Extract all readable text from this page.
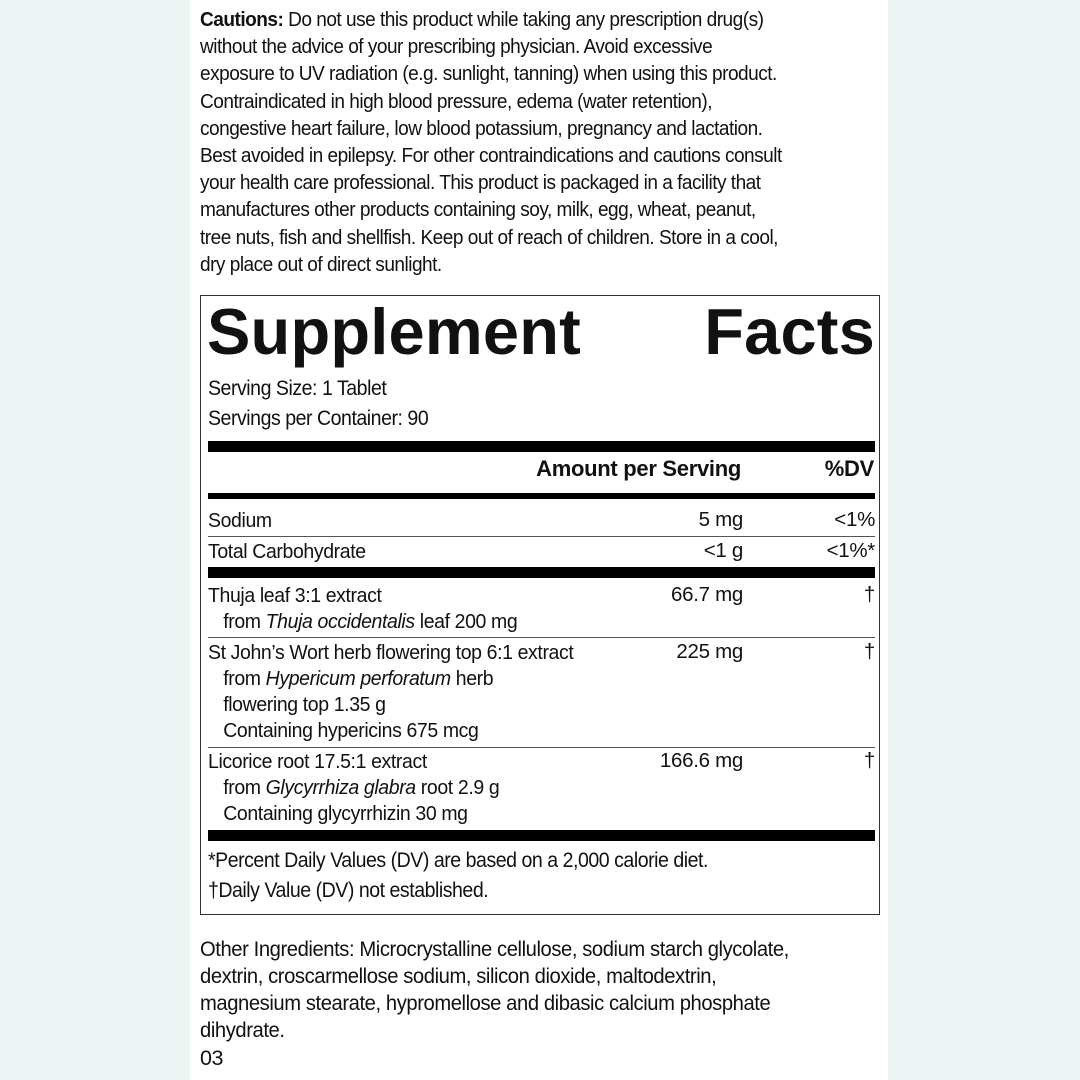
Cautions: Do not use this product while taking any prescription drug(s)
without the advice of your prescribing physician. Avoid excessive
exposure to UV radiation (e.g. sunlight, tanning) when using this product.
Contraindicated in high blood pressure, edema (water retention),
congestive heart failure, low blood potassium, pregnancy and lactation.
Best avoided in epilepsy. For other contraindications and cautions consult
your health care professional. This product is packaged in a facility that
manufactures other products containing soy, milk, egg, wheat, peanut,
tree nuts, fish and shellfish. Keep out of reach of children. Store in a cool,
dry place out of direct sunlight.
Supplement Facts
Serving Size: 1 Tablet
Servings per Container: 90
Amount per Serving	%DV
Sodium	5 mg	<1%
Total Carbohydrate	<1 g	<1%*
Thuja leaf 3:1 extract
from Thuja occidentalis leaf 200 mg
66.7 mg	†
St John’s Wort herb flowering top 6:1 extract
from Hypericum perforatum herb
flowering top 1.35 g
Containing hypericins 675 mcg
225 mg	†
Licorice root 17.5:1 extract
from Glycyrrhiza glabra root 2.9 g
Containing glycyrrhizin 30 mg
166.6 mg	†
*Percent Daily Values (DV) are based on a 2,000 calorie diet.
†Daily Value (DV) not established.
Other Ingredients: Microcrystalline cellulose, sodium starch glycolate,
dextrin, croscarmellose sodium, silicon dioxide, maltodextrin,
magnesium stearate, hypromellose and dibasic calcium phosphate
dihydrate.
03
